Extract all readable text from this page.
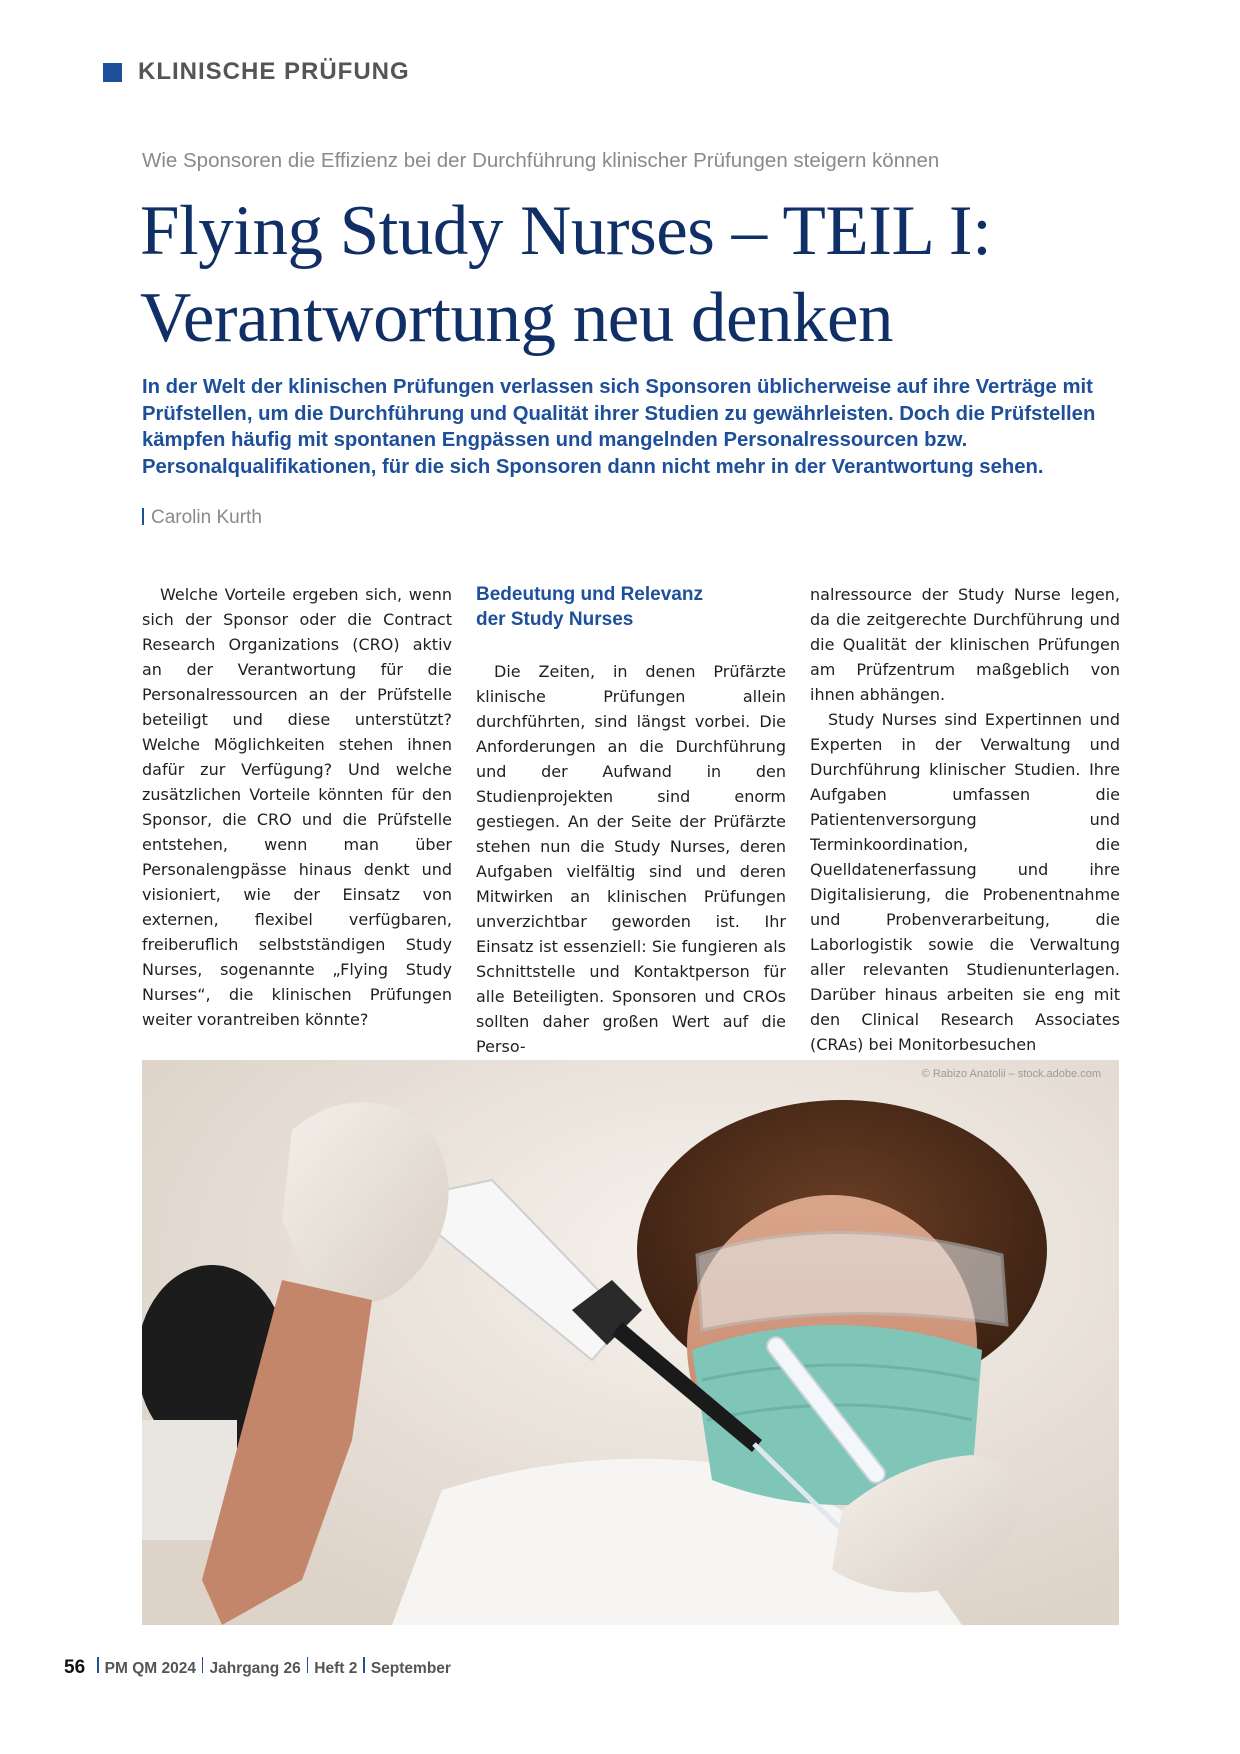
KLINISCHE PRÜFUNG
Wie Sponsoren die Effizienz bei der Durchführung klinischer Prüfungen steigern können
Flying Study Nurses – TEIL I:
Verantwortung neu denken

In der Welt der klinischen Prüfungen verlassen sich Sponsoren üblicherweise auf ihre Verträge mit Prüfstellen, um die Durchführung und Qualität ihrer Studien zu gewährleisten. Doch die Prüfstellen kämpfen häufig mit spontanen Engpässen und mangelnden Personalressourcen bzw. Personalqualifikationen, für die sich Sponsoren dann nicht mehr in der Verantwortung sehen.

Carolin Kurth

Welche Vorteile ergeben sich, wenn sich der Sponsor oder die Contract Research Organizations (CRO) aktiv an der Verantwortung für die Personalressourcen an der Prüfstelle beteiligt und diese unterstützt? Welche Möglichkeiten stehen ihnen dafür zur Verfügung? Und welche zusätzlichen Vorteile könnten für den Sponsor, die CRO und die Prüfstelle entstehen, wenn man über Personalengpässe hinaus denkt und visioniert, wie der Einsatz von externen, flexibel verfügbaren, freiberuflich selbstständigen Study Nurses, sogenannte „Flying Study Nurses“, die klinischen Prüfungen weiter vorantreiben könnte?

Bedeutung und Relevanz
der Study Nurses

Die Zeiten, in denen Prüfärzte klinische Prüfungen allein durchführten, sind längst vorbei. Die Anforderungen an die Durchführung und der Aufwand in den Studienprojekten sind enorm gestiegen. An der Seite der Prüfärzte stehen nun die Study Nurses, deren Aufgaben vielfältig sind und deren Mitwirken an klinischen Prüfungen unverzichtbar geworden ist. Ihr Einsatz ist essenziell: Sie fungieren als Schnittstelle und Kontaktperson für alle Beteiligten. Sponsoren und CROs sollten daher großen Wert auf die Perso-

nalressource der Study Nurse legen, da die zeitgerechte Durchführung und die Qualität der klinischen Prüfungen am Prüfzentrum maßgeblich von ihnen abhängen.

Study Nurses sind Expertinnen und Experten in der Verwaltung und Durchführung klinischer Studien. Ihre Aufgaben umfassen die Patientenversorgung und Terminkoordination, die Quelldatenerfassung und ihre Digitalisierung, die Probenentnahme und Probenverarbeitung, die Laborlogistik sowie die Verwaltung aller relevanten Studienunterlagen. Darüber hinaus arbeiten sie eng mit den Clinical Research Associates (CRAs) bei Monitorbesuchen

© Rabizo Anatolii – stock.adobe.com
56 PM QM 2024 Jahrgang 26 Heft 2 September
